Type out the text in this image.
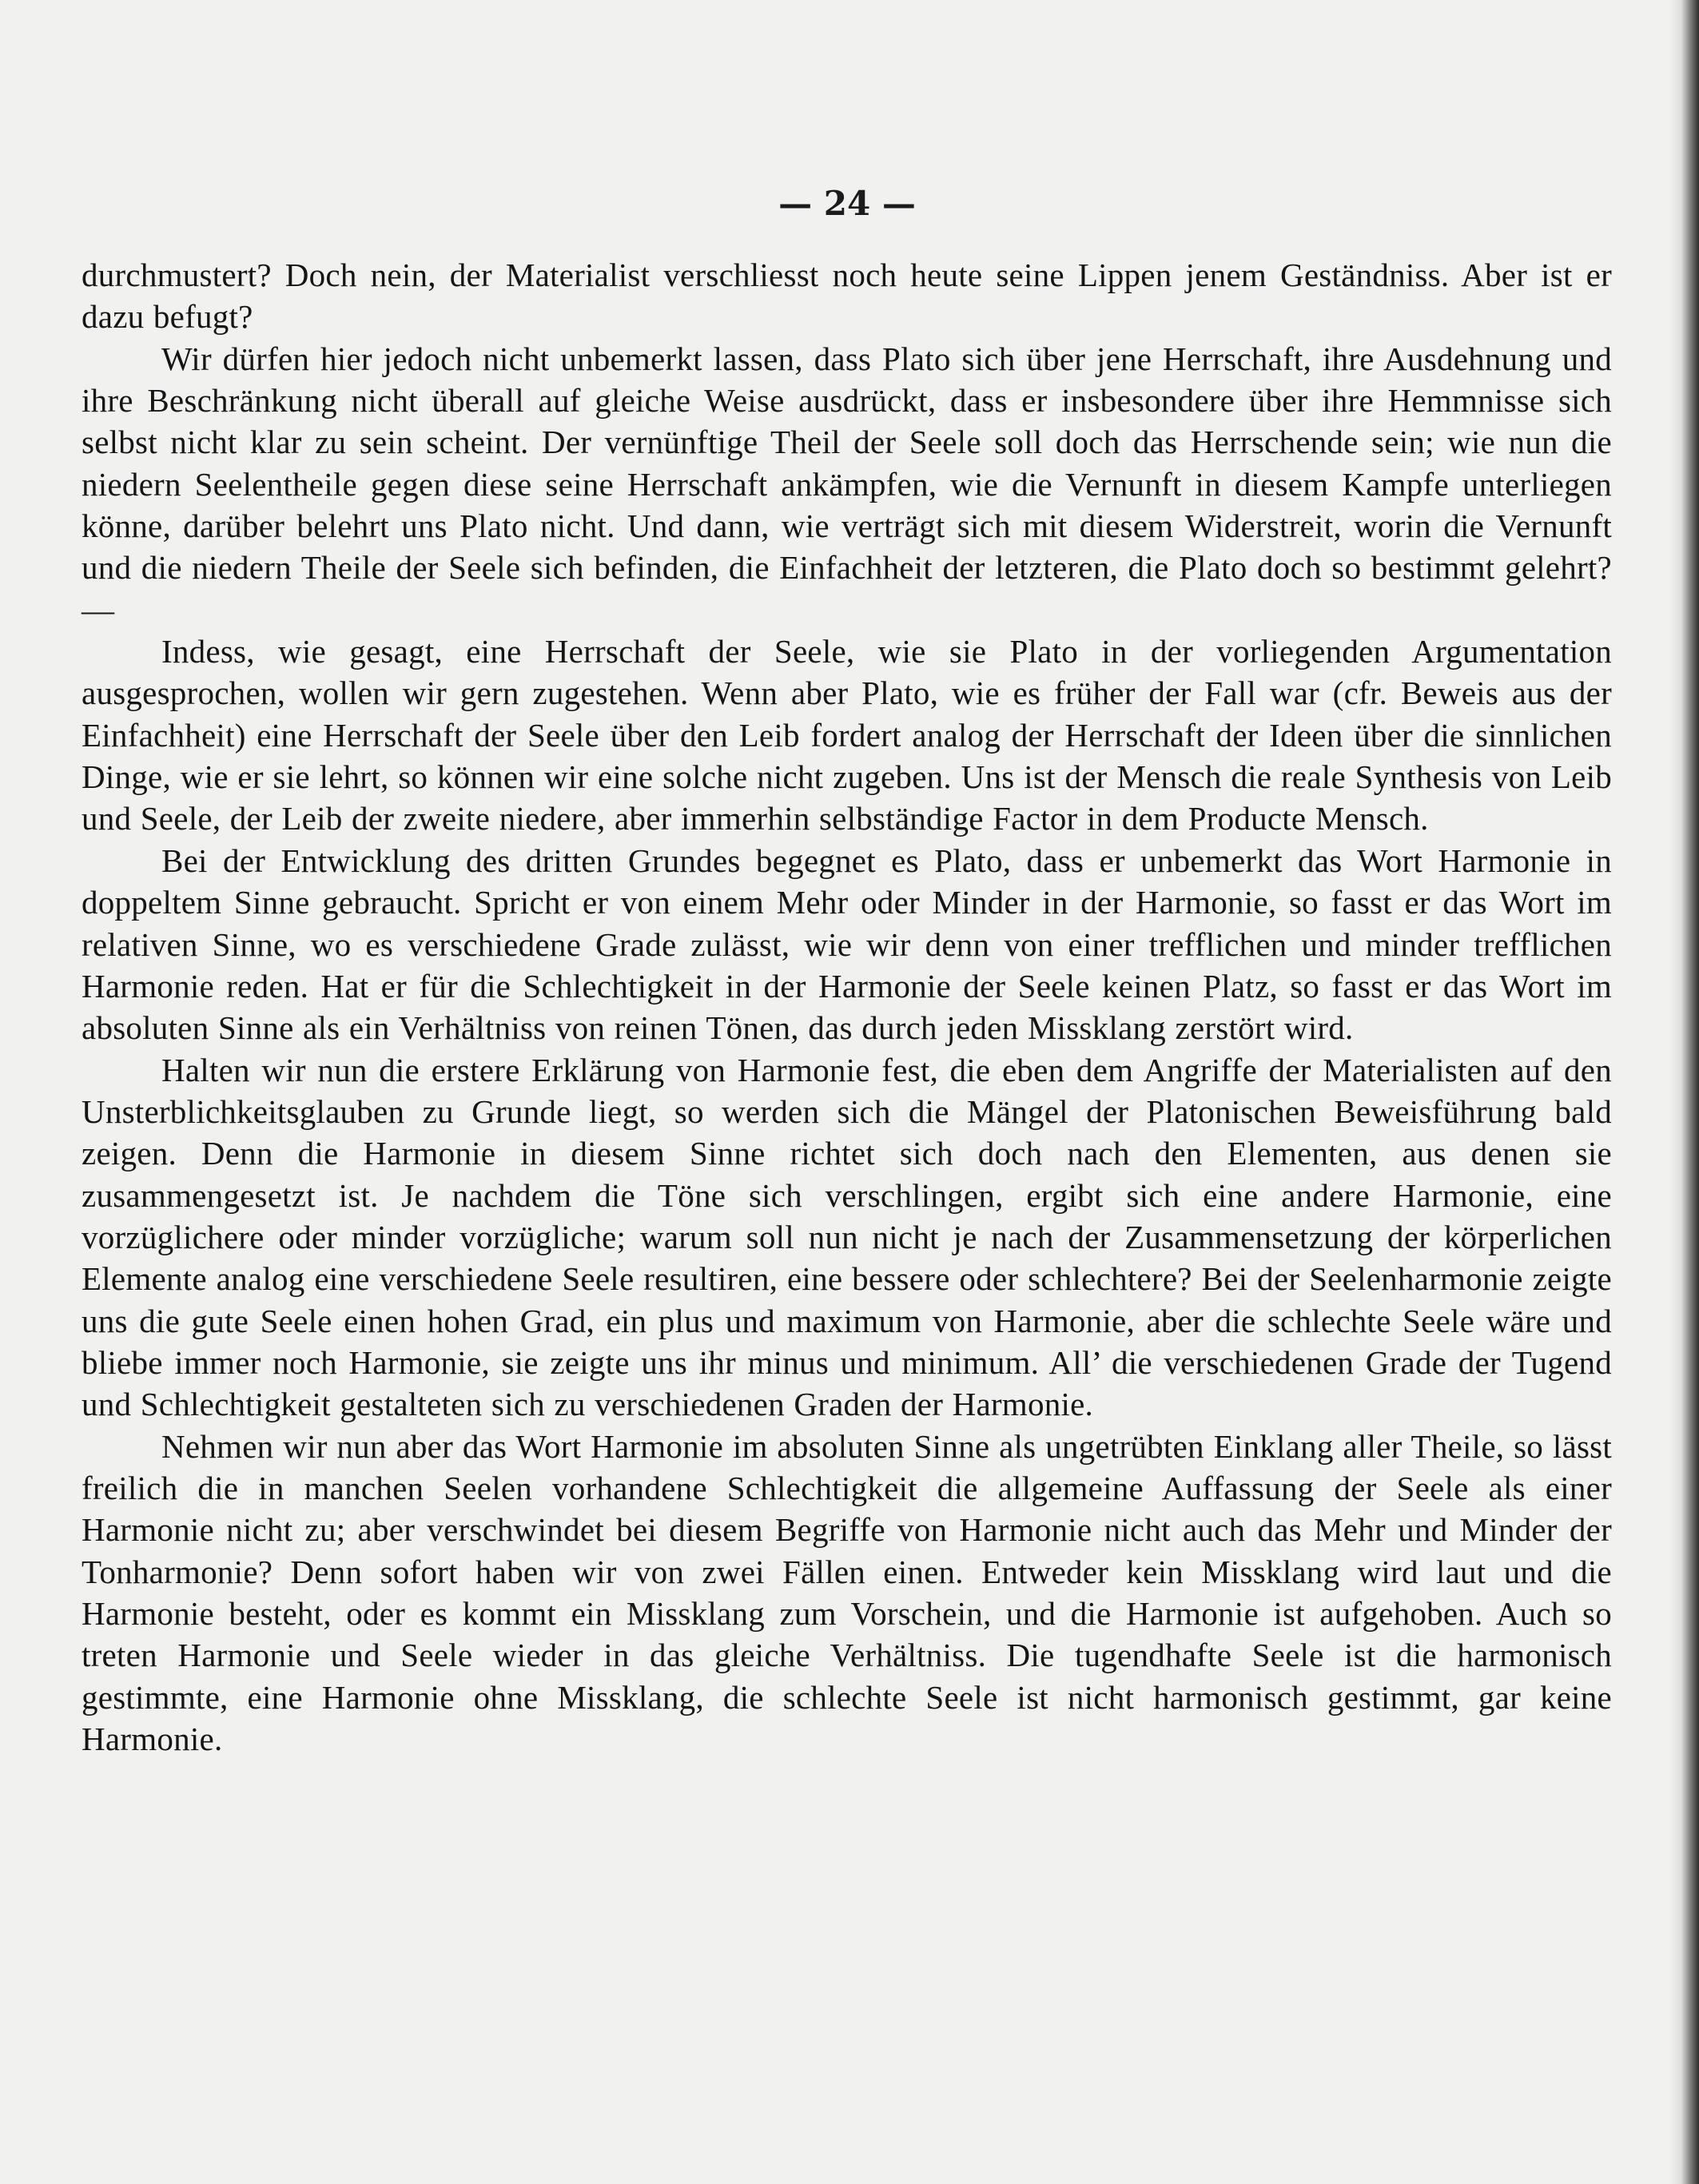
— 24 —

durchmustert? Doch nein, der Materialist verschliesst noch heute seine Lippen jenem Geständniss. Aber ist er dazu befugt?

Wir dürfen hier jedoch nicht unbemerkt lassen, dass Plato sich über jene Herrschaft, ihre Ausdehnung und ihre Beschränkung nicht überall auf gleiche Weise ausdrückt, dass er insbesondere über ihre Hemmnisse sich selbst nicht klar zu sein scheint. Der vernünftige Theil der Seele soll doch das Herrschende sein; wie nun die niedern Seelentheile gegen diese seine Herrschaft ankämpfen, wie die Vernunft in diesem Kampfe unterliegen könne, darüber belehrt uns Plato nicht. Und dann, wie verträgt sich mit diesem Widerstreit, worin die Vernunft und die niedern Theile der Seele sich befinden, die Einfachheit der letzteren, die Plato doch so bestimmt gelehrt? —

Indess, wie gesagt, eine Herrschaft der Seele, wie sie Plato in der vorliegenden Argumentation ausgesprochen, wollen wir gern zugestehen. Wenn aber Plato, wie es früher der Fall war (cfr. Beweis aus der Einfachheit) eine Herrschaft der Seele über den Leib fordert analog der Herrschaft der Ideen über die sinnlichen Dinge, wie er sie lehrt, so können wir eine solche nicht zugeben. Uns ist der Mensch die reale Synthesis von Leib und Seele, der Leib der zweite niedere, aber immerhin selbständige Factor in dem Producte Mensch.

Bei der Entwicklung des dritten Grundes begegnet es Plato, dass er unbemerkt das Wort Harmonie in doppeltem Sinne gebraucht. Spricht er von einem Mehr oder Minder in der Harmonie, so fasst er das Wort im relativen Sinne, wo es verschiedene Grade zulässt, wie wir denn von einer trefflichen und minder trefflichen Harmonie reden. Hat er für die Schlechtigkeit in der Harmonie der Seele keinen Platz, so fasst er das Wort im absoluten Sinne als ein Verhältniss von reinen Tönen, das durch jeden Missklang zerstört wird.

Halten wir nun die erstere Erklärung von Harmonie fest, die eben dem Angriffe der Materialisten auf den Unsterblichkeitsglauben zu Grunde liegt, so werden sich die Mängel der Platonischen Beweisführung bald zeigen. Denn die Harmonie in diesem Sinne richtet sich doch nach den Elementen, aus denen sie zusammengesetzt ist. Je nachdem die Töne sich verschlingen, ergibt sich eine andere Harmonie, eine vorzüglichere oder minder vorzügliche; warum soll nun nicht je nach der Zusammensetzung der körperlichen Elemente analog eine verschiedene Seele resultiren, eine bessere oder schlechtere? Bei der Seelenharmonie zeigte uns die gute Seele einen hohen Grad, ein plus und maximum von Harmonie, aber die schlechte Seele wäre und bliebe immer noch Harmonie, sie zeigte uns ihr minus und minimum. All’ die verschiedenen Grade der Tugend und Schlechtigkeit gestalteten sich zu verschiedenen Graden der Harmonie.

Nehmen wir nun aber das Wort Harmonie im absoluten Sinne als ungetrübten Einklang aller Theile, so lässt freilich die in manchen Seelen vorhandene Schlechtigkeit die allgemeine Auffassung der Seele als einer Harmonie nicht zu; aber verschwindet bei diesem Begriffe von Harmonie nicht auch das Mehr und Minder der Tonharmonie? Denn sofort haben wir von zwei Fällen einen. Entweder kein Missklang wird laut und die Harmonie besteht, oder es kommt ein Missklang zum Vorschein, und die Harmonie ist aufgehoben. Auch so treten Harmonie und Seele wieder in das gleiche Verhältniss. Die tugendhafte Seele ist die harmonisch gestimmte, eine Harmonie ohne Missklang, die schlechte Seele ist nicht harmonisch gestimmt, gar keine Harmonie.
